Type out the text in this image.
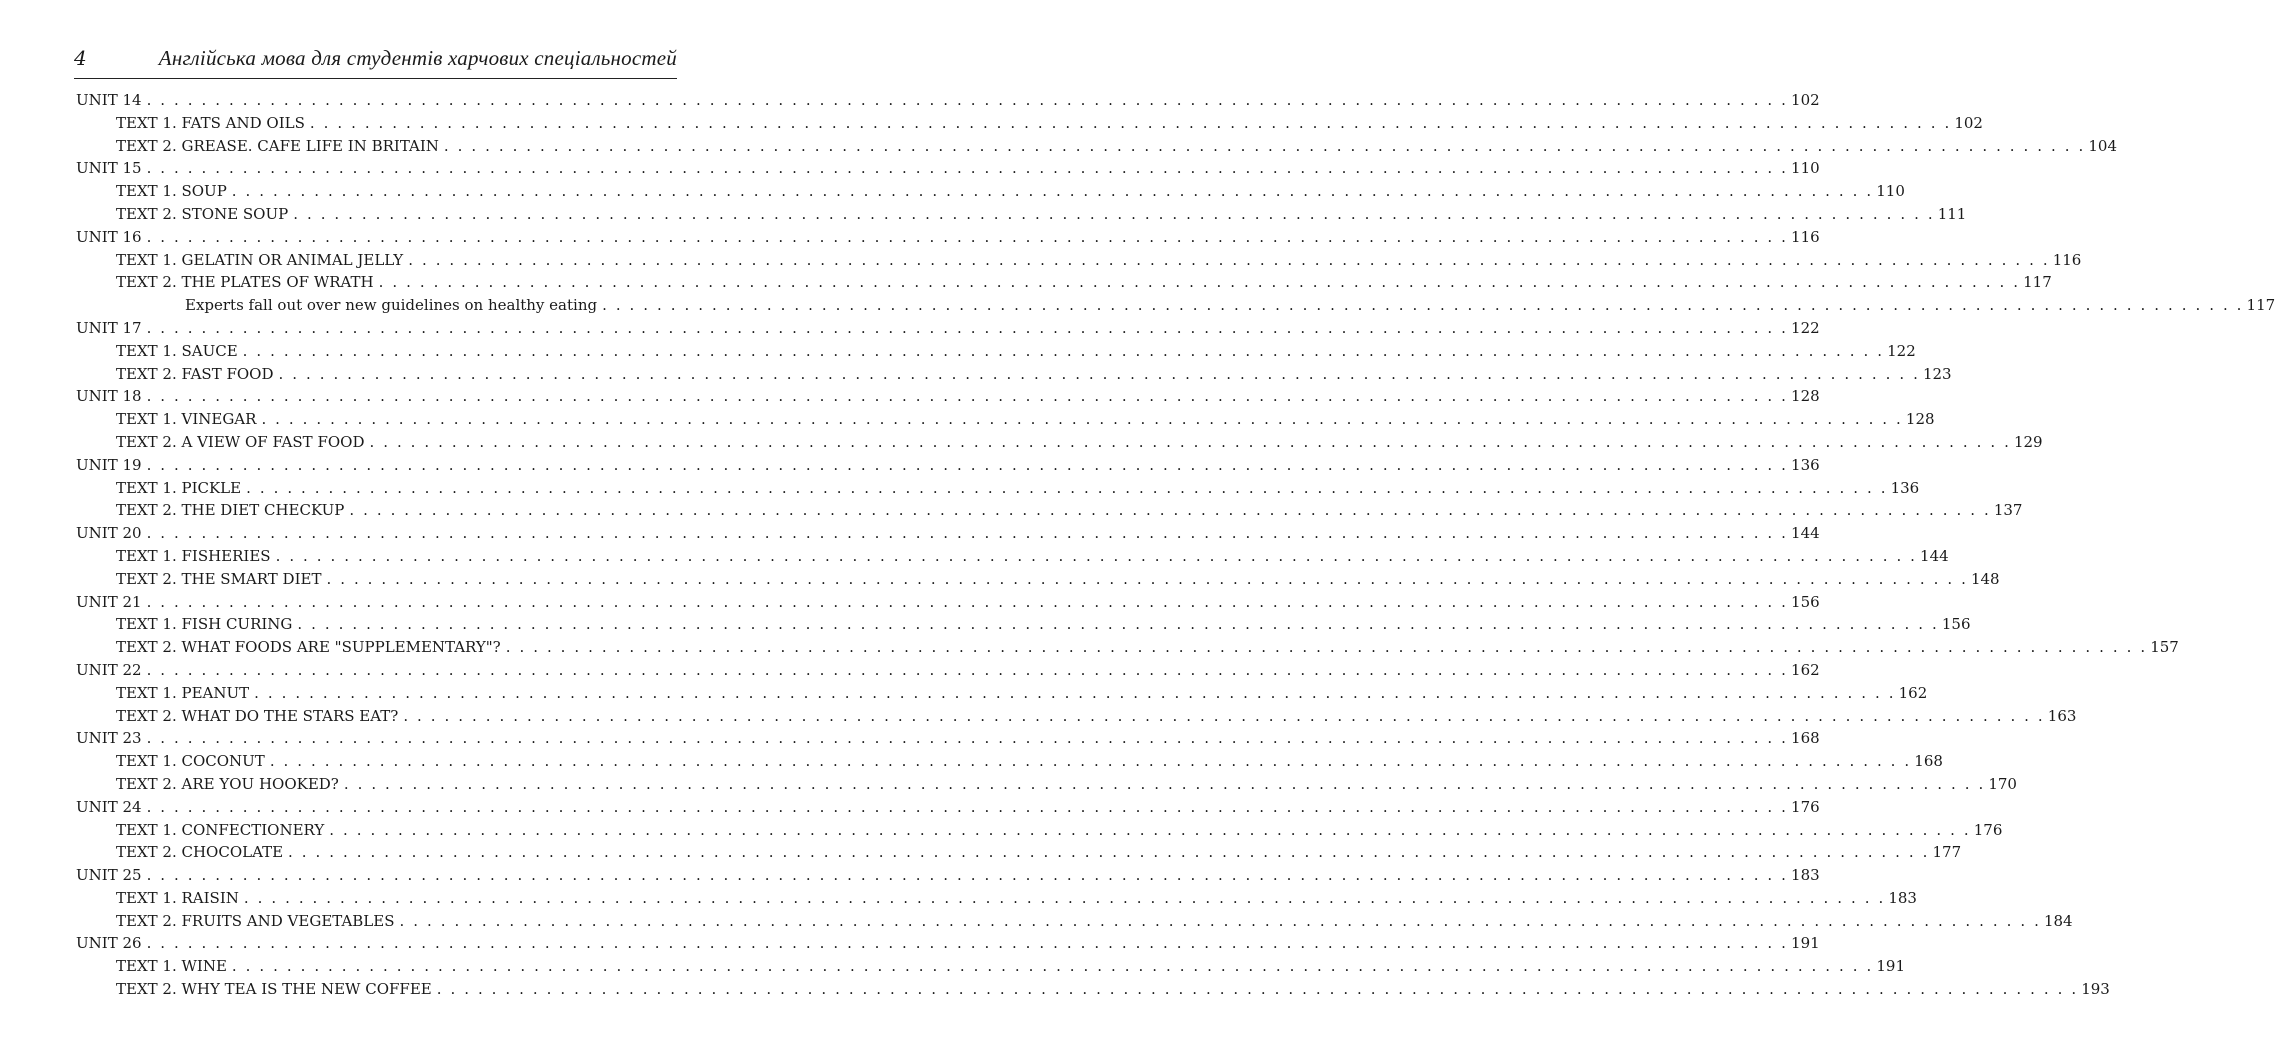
4	Англійська мова для студентів харчових спеціальностей
UNIT 14 . . . . . . . . . . . . . . . . . . . . . . . . . . . . . . . . . . . . . . . . . . . . . . . . . . . . . . . . . . . . . . . . . . . . . . . . . . . . . . . . . . . . . . . . . . . . . . . . . . . . . . . . . . . . . . . . . . . . . . . . 102
TEXT 1. FATS AND OILS . . . . . . . . . . . . . . . . . . . . . . . . . . . . . . . . . . . . . . . . . . . . . . . . . . . . . . . . . . . . . . . . . . . . . . . . . . . . . . . . . . . . . . . . . . . . . . . . . . . . . . . . . . . . . . . . . . . . . . . . 102
TEXT 2. GREASE. CAFE LIFE IN BRITAIN . . . . . . . . . . . . . . . . . . . . . . . . . . . . . . . . . . . . . . . . . . . . . . . . . . . . . . . . . . . . . . . . . . . . . . . . . . . . . . . . . . . . . . . . . . . . . . . . . . . . . . . . . . . . . . . . . . . . . . . . 104
UNIT 15 . . . . . . . . . . . . . . . . . . . . . . . . . . . . . . . . . . . . . . . . . . . . . . . . . . . . . . . . . . . . . . . . . . . . . . . . . . . . . . . . . . . . . . . . . . . . . . . . . . . . . . . . . . . . . . . . . . . . . . . . 110
TEXT 1. SOUP . . . . . . . . . . . . . . . . . . . . . . . . . . . . . . . . . . . . . . . . . . . . . . . . . . . . . . . . . . . . . . . . . . . . . . . . . . . . . . . . . . . . . . . . . . . . . . . . . . . . . . . . . . . . . . . . . . . . . . . . 110
TEXT 2. STONE SOUP . . . . . . . . . . . . . . . . . . . . . . . . . . . . . . . . . . . . . . . . . . . . . . . . . . . . . . . . . . . . . . . . . . . . . . . . . . . . . . . . . . . . . . . . . . . . . . . . . . . . . . . . . . . . . . . . . . . . . . . . 111
UNIT 16 . . . . . . . . . . . . . . . . . . . . . . . . . . . . . . . . . . . . . . . . . . . . . . . . . . . . . . . . . . . . . . . . . . . . . . . . . . . . . . . . . . . . . . . . . . . . . . . . . . . . . . . . . . . . . . . . . . . . . . . . 116
TEXT 1. GELATIN OR ANIMAL JELLY . . . . . . . . . . . . . . . . . . . . . . . . . . . . . . . . . . . . . . . . . . . . . . . . . . . . . . . . . . . . . . . . . . . . . . . . . . . . . . . . . . . . . . . . . . . . . . . . . . . . . . . . . . . . . . . . . . . . . . . . 116
TEXT 2. THE PLATES OF WRATH . . . . . . . . . . . . . . . . . . . . . . . . . . . . . . . . . . . . . . . . . . . . . . . . . . . . . . . . . . . . . . . . . . . . . . . . . . . . . . . . . . . . . . . . . . . . . . . . . . . . . . . . . . . . . . . . . . . . . . . . 117
Experts fall out over new guidelines on healthy eating . . . . . . . . . . . . . . . . . . . . . . . . . . . . . . . . . . . . . . . . . . . . . . . . . . . . . . . . . . . . . . . . . . . . . . . . . . . . . . . . . . . . . . . . . . . . . . . . . . . . . . . . . . . . . . . . . . . . . . . . 117
UNIT 17 . . . . . . . . . . . . . . . . . . . . . . . . . . . . . . . . . . . . . . . . . . . . . . . . . . . . . . . . . . . . . . . . . . . . . . . . . . . . . . . . . . . . . . . . . . . . . . . . . . . . . . . . . . . . . . . . . . . . . . . . 122
TEXT 1. SAUCE . . . . . . . . . . . . . . . . . . . . . . . . . . . . . . . . . . . . . . . . . . . . . . . . . . . . . . . . . . . . . . . . . . . . . . . . . . . . . . . . . . . . . . . . . . . . . . . . . . . . . . . . . . . . . . . . . . . . . . . . 122
TEXT 2. FAST FOOD . . . . . . . . . . . . . . . . . . . . . . . . . . . . . . . . . . . . . . . . . . . . . . . . . . . . . . . . . . . . . . . . . . . . . . . . . . . . . . . . . . . . . . . . . . . . . . . . . . . . . . . . . . . . . . . . . . . . . . . . 123
UNIT 18 . . . . . . . . . . . . . . . . . . . . . . . . . . . . . . . . . . . . . . . . . . . . . . . . . . . . . . . . . . . . . . . . . . . . . . . . . . . . . . . . . . . . . . . . . . . . . . . . . . . . . . . . . . . . . . . . . . . . . . . . 128
TEXT 1. VINEGAR . . . . . . . . . . . . . . . . . . . . . . . . . . . . . . . . . . . . . . . . . . . . . . . . . . . . . . . . . . . . . . . . . . . . . . . . . . . . . . . . . . . . . . . . . . . . . . . . . . . . . . . . . . . . . . . . . . . . . . . . 128
TEXT 2. A VIEW OF FAST FOOD . . . . . . . . . . . . . . . . . . . . . . . . . . . . . . . . . . . . . . . . . . . . . . . . . . . . . . . . . . . . . . . . . . . . . . . . . . . . . . . . . . . . . . . . . . . . . . . . . . . . . . . . . . . . . . . . . . . . . . . . 129
UNIT 19 . . . . . . . . . . . . . . . . . . . . . . . . . . . . . . . . . . . . . . . . . . . . . . . . . . . . . . . . . . . . . . . . . . . . . . . . . . . . . . . . . . . . . . . . . . . . . . . . . . . . . . . . . . . . . . . . . . . . . . . . 136
TEXT 1. PICKLE . . . . . . . . . . . . . . . . . . . . . . . . . . . . . . . . . . . . . . . . . . . . . . . . . . . . . . . . . . . . . . . . . . . . . . . . . . . . . . . . . . . . . . . . . . . . . . . . . . . . . . . . . . . . . . . . . . . . . . . . 136
TEXT 2. THE DIET CHECKUP . . . . . . . . . . . . . . . . . . . . . . . . . . . . . . . . . . . . . . . . . . . . . . . . . . . . . . . . . . . . . . . . . . . . . . . . . . . . . . . . . . . . . . . . . . . . . . . . . . . . . . . . . . . . . . . . . . . . . . . . 137
UNIT 20 . . . . . . . . . . . . . . . . . . . . . . . . . . . . . . . . . . . . . . . . . . . . . . . . . . . . . . . . . . . . . . . . . . . . . . . . . . . . . . . . . . . . . . . . . . . . . . . . . . . . . . . . . . . . . . . . . . . . . . . . 144
TEXT 1. FISHERIES . . . . . . . . . . . . . . . . . . . . . . . . . . . . . . . . . . . . . . . . . . . . . . . . . . . . . . . . . . . . . . . . . . . . . . . . . . . . . . . . . . . . . . . . . . . . . . . . . . . . . . . . . . . . . . . . . . . . . . . . 144
TEXT 2. THE SMART DIET . . . . . . . . . . . . . . . . . . . . . . . . . . . . . . . . . . . . . . . . . . . . . . . . . . . . . . . . . . . . . . . . . . . . . . . . . . . . . . . . . . . . . . . . . . . . . . . . . . . . . . . . . . . . . . . . . . . . . . . . 148
UNIT 21 . . . . . . . . . . . . . . . . . . . . . . . . . . . . . . . . . . . . . . . . . . . . . . . . . . . . . . . . . . . . . . . . . . . . . . . . . . . . . . . . . . . . . . . . . . . . . . . . . . . . . . . . . . . . . . . . . . . . . . . . 156
TEXT 1. FISH CURING . . . . . . . . . . . . . . . . . . . . . . . . . . . . . . . . . . . . . . . . . . . . . . . . . . . . . . . . . . . . . . . . . . . . . . . . . . . . . . . . . . . . . . . . . . . . . . . . . . . . . . . . . . . . . . . . . . . . . . . . 156
TEXT 2. WHAT FOODS ARE "SUPPLEMENTARY"? . . . . . . . . . . . . . . . . . . . . . . . . . . . . . . . . . . . . . . . . . . . . . . . . . . . . . . . . . . . . . . . . . . . . . . . . . . . . . . . . . . . . . . . . . . . . . . . . . . . . . . . . . . . . . . . . . . . . . . . . 157
UNIT 22 . . . . . . . . . . . . . . . . . . . . . . . . . . . . . . . . . . . . . . . . . . . . . . . . . . . . . . . . . . . . . . . . . . . . . . . . . . . . . . . . . . . . . . . . . . . . . . . . . . . . . . . . . . . . . . . . . . . . . . . . 162
TEXT 1. PEANUT . . . . . . . . . . . . . . . . . . . . . . . . . . . . . . . . . . . . . . . . . . . . . . . . . . . . . . . . . . . . . . . . . . . . . . . . . . . . . . . . . . . . . . . . . . . . . . . . . . . . . . . . . . . . . . . . . . . . . . . . 162
TEXT 2. WHAT DO THE STARS EAT? . . . . . . . . . . . . . . . . . . . . . . . . . . . . . . . . . . . . . . . . . . . . . . . . . . . . . . . . . . . . . . . . . . . . . . . . . . . . . . . . . . . . . . . . . . . . . . . . . . . . . . . . . . . . . . . . . . . . . . . . 163
UNIT 23 . . . . . . . . . . . . . . . . . . . . . . . . . . . . . . . . . . . . . . . . . . . . . . . . . . . . . . . . . . . . . . . . . . . . . . . . . . . . . . . . . . . . . . . . . . . . . . . . . . . . . . . . . . . . . . . . . . . . . . . . 168
TEXT 1. COCONUT . . . . . . . . . . . . . . . . . . . . . . . . . . . . . . . . . . . . . . . . . . . . . . . . . . . . . . . . . . . . . . . . . . . . . . . . . . . . . . . . . . . . . . . . . . . . . . . . . . . . . . . . . . . . . . . . . . . . . . . . 168
TEXT 2. ARE YOU HOOKED? . . . . . . . . . . . . . . . . . . . . . . . . . . . . . . . . . . . . . . . . . . . . . . . . . . . . . . . . . . . . . . . . . . . . . . . . . . . . . . . . . . . . . . . . . . . . . . . . . . . . . . . . . . . . . . . . . . . . . . . . 170
UNIT 24 . . . . . . . . . . . . . . . . . . . . . . . . . . . . . . . . . . . . . . . . . . . . . . . . . . . . . . . . . . . . . . . . . . . . . . . . . . . . . . . . . . . . . . . . . . . . . . . . . . . . . . . . . . . . . . . . . . . . . . . . 176
TEXT 1. CONFECTIONERY . . . . . . . . . . . . . . . . . . . . . . . . . . . . . . . . . . . . . . . . . . . . . . . . . . . . . . . . . . . . . . . . . . . . . . . . . . . . . . . . . . . . . . . . . . . . . . . . . . . . . . . . . . . . . . . . . . . . . . . . 176
TEXT 2. CHOCOLATE . . . . . . . . . . . . . . . . . . . . . . . . . . . . . . . . . . . . . . . . . . . . . . . . . . . . . . . . . . . . . . . . . . . . . . . . . . . . . . . . . . . . . . . . . . . . . . . . . . . . . . . . . . . . . . . . . . . . . . . . 177
UNIT 25 . . . . . . . . . . . . . . . . . . . . . . . . . . . . . . . . . . . . . . . . . . . . . . . . . . . . . . . . . . . . . . . . . . . . . . . . . . . . . . . . . . . . . . . . . . . . . . . . . . . . . . . . . . . . . . . . . . . . . . . . 183
TEXT 1. RAISIN . . . . . . . . . . . . . . . . . . . . . . . . . . . . . . . . . . . . . . . . . . . . . . . . . . . . . . . . . . . . . . . . . . . . . . . . . . . . . . . . . . . . . . . . . . . . . . . . . . . . . . . . . . . . . . . . . . . . . . . . 183
TEXT 2. FRUITS AND VEGETABLES . . . . . . . . . . . . . . . . . . . . . . . . . . . . . . . . . . . . . . . . . . . . . . . . . . . . . . . . . . . . . . . . . . . . . . . . . . . . . . . . . . . . . . . . . . . . . . . . . . . . . . . . . . . . . . . . . . . . . . . . 184
UNIT 26 . . . . . . . . . . . . . . . . . . . . . . . . . . . . . . . . . . . . . . . . . . . . . . . . . . . . . . . . . . . . . . . . . . . . . . . . . . . . . . . . . . . . . . . . . . . . . . . . . . . . . . . . . . . . . . . . . . . . . . . . 191
TEXT 1. WINE . . . . . . . . . . . . . . . . . . . . . . . . . . . . . . . . . . . . . . . . . . . . . . . . . . . . . . . . . . . . . . . . . . . . . . . . . . . . . . . . . . . . . . . . . . . . . . . . . . . . . . . . . . . . . . . . . . . . . . . . 191
TEXT 2. WHY TEA IS THE NEW COFFEE . . . . . . . . . . . . . . . . . . . . . . . . . . . . . . . . . . . . . . . . . . . . . . . . . . . . . . . . . . . . . . . . . . . . . . . . . . . . . . . . . . . . . . . . . . . . . . . . . . . . . . . . . . . . . . . . . . . . . . . . 193
